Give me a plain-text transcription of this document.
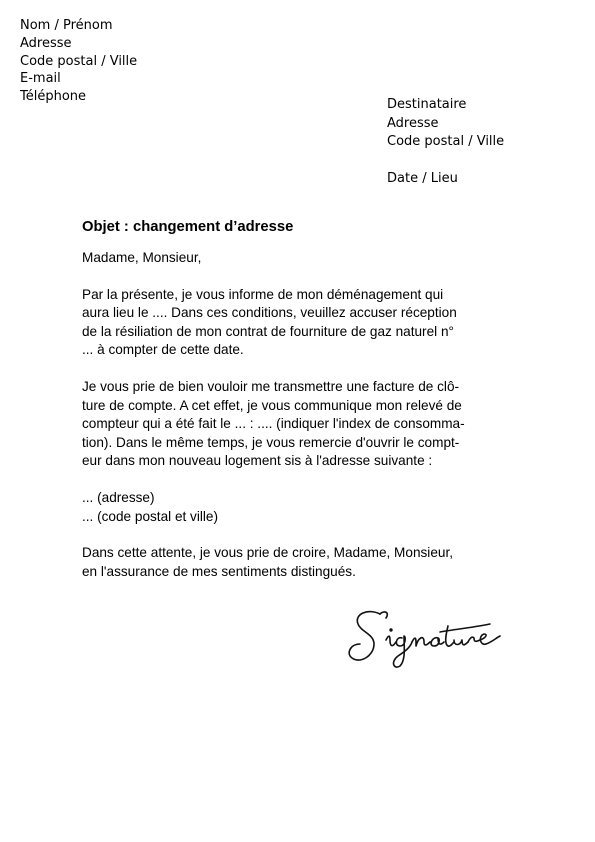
Nom / Prénom
Adresse
Code postal / Ville
E-mail
Téléphone
Destinataire
Adresse
Code postal / Ville
Date / Lieu
Objet : changement d’adresse
Madame, Monsieur,
Par la présente, je vous informe de mon déménagement qui
aura lieu le .... Dans ces conditions, veuillez accuser réception
de la résiliation de mon contrat de fourniture de gaz naturel n°
... à compter de cette date.
Je vous prie de bien vouloir me transmettre une facture de clô-
ture de compte. A cet effet, je vous communique mon relevé de
compteur qui a été fait le ... : .... (indiquer l'index de consomma-
tion). Dans le même temps, je vous remercie d'ouvrir le compt-
eur dans mon nouveau logement sis à l'adresse suivante :
... (adresse)
... (code postal et ville)
Dans cette attente, je vous prie de croire, Madame, Monsieur,
en l'assurance de mes sentiments distingués.
